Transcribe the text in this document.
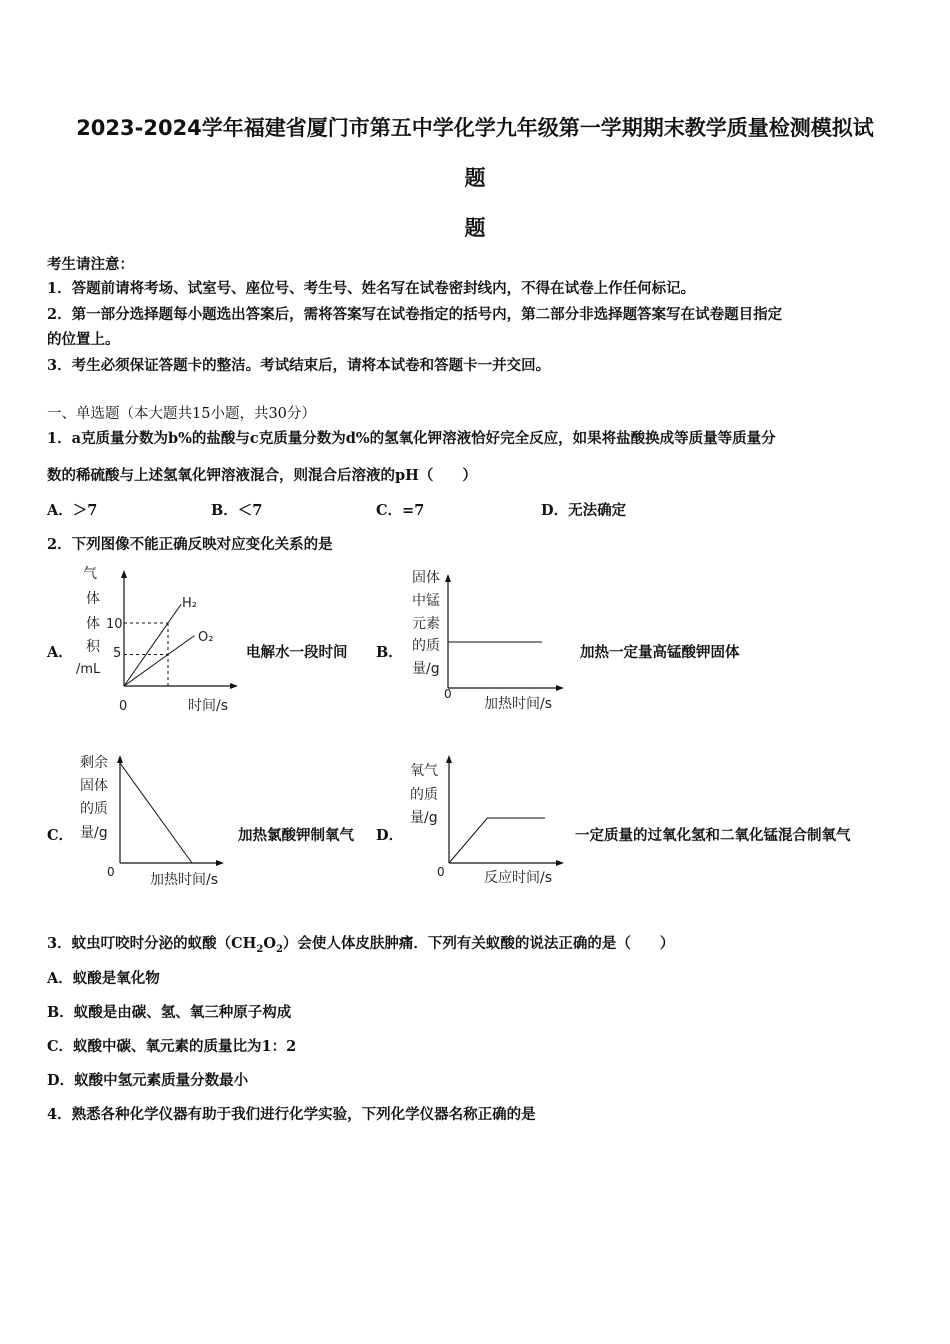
2023-2024学年福建省厦门市第五中学化学九年级第一学期期末教学质量检测模拟试
题
题
考生请注意：
1．答题前请将考场、试室号、座位号、考生号、姓名写在试卷密封线内，不得在试卷上作任何标记。
2．第一部分选择题每小题选出答案后，需将答案写在试卷指定的括号内，第二部分非选择题答案写在试卷题目指定
的位置上。
3．考生必须保证答题卡的整洁。考试结束后，请将本试卷和答题卡一并交回。
一、单选题（本大题共15小题，共30分）
1．a克质量分数为b%的盐酸与c克质量分数为d%的氢氧化钾溶液恰好完全反应，如果将盐酸换成等质量等质量分
数的稀硫酸与上述氢氧化钾溶液混合，则混合后溶液的pH（　　）
A．＞7	B．＜7	C．=7	D．无法确定
2．下列图像不能正确反映对应变化关系的是
A．
气
体
体
积
/mL
10
5
0	时间/s
H₂
O₂
电解水一段时间 B．
固体
中锰
元素
的质
量/g
0
加热时间/s
加热一定量高锰酸钾固体
C．
剩余
固体
的质
量/g
0	加热时间/s
加热氯酸钾制氧气 D．
氧气
的质
量/g
0	反应时间/s
一定质量的过氧化氢和二氧化锰混合制氧气
3．蚊虫叮咬时分泌的蚁酸$(CH_2O_2)$会使人体皮肤肿痛．下列有关蚁酸的说法正确的是（　　）
A．蚁酸是氧化物
B．蚁酸是由碳、氢、氧三种原子构成
C．蚁酸中碳、氧元素的质量比为1：2
D．蚁酸中氢元素质量分数最小
4．熟悉各种化学仪器有助于我们进行化学实验，下列化学仪器名称正确的是
